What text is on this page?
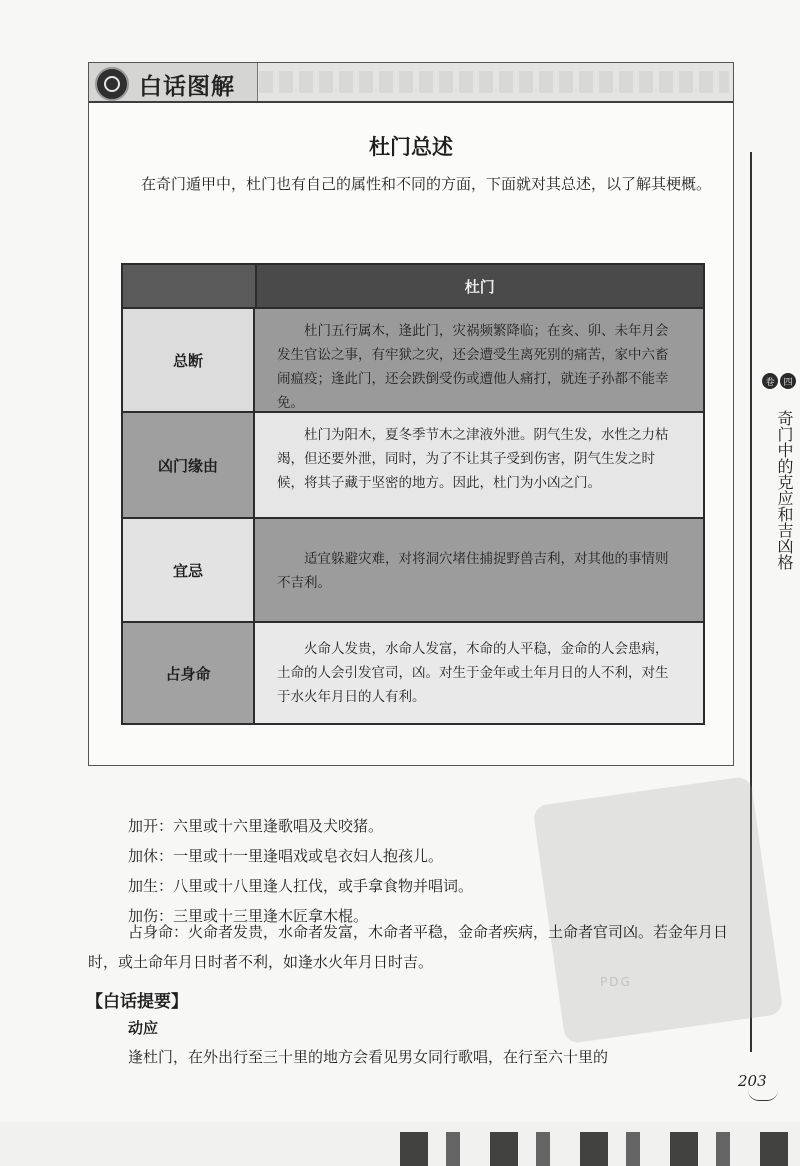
白话图解
杜门总述
在奇门遁甲中，杜门也有自己的属性和不同的方面，下面就对其总述，以了解其梗概。
杜门
总断
杜门五行属木，逢此门，灾祸频繁降临；在亥、卯、未年月会发生官讼之事，有牢狱之灾，还会遭受生离死别的痛苦，家中六畜闹瘟疫；逢此门，还会跌倒受伤或遭他人痛打，就连子孙都不能幸免。
凶门缘由
杜门为阳木，夏冬季节木之津液外泄。阴气生发，水性之力枯竭，但还要外泄，同时，为了不让其子受到伤害，阴气生发之时候，将其子藏于坚密的地方。因此，杜门为小凶之门。
宜忌
适宜躲避灾难，对将洞穴堵住捕捉野兽吉利，对其他的事情则不吉利。
占身命
火命人发贵，水命人发富，木命的人平稳，金命的人会患病，土命的人会引发官司，凶。对生于金年或土年月日的人不利，对生于水火年月日的人有利。
卷 四
奇门中的克应和吉凶格
PDG

加开：六里或十六里逢歌唱及犬咬猪。

加休：一里或十一里逢唱戏或皂衣妇人抱孩儿。

加生：八里或十八里逢人扛伐，或手拿食物并唱词。

加伤：三里或十三里逢木匠拿木棍。

占身命：火命者发贵，水命者发富，木命者平稳，金命者疾病，土命者官司凶。若金年月日时，或土命年月日时者不利，如逢水火年月日时吉。
【白话提要】
动应
逢杜门，在外出行至三十里的地方会看见男女同行歌唱，在行至六十里的
203
